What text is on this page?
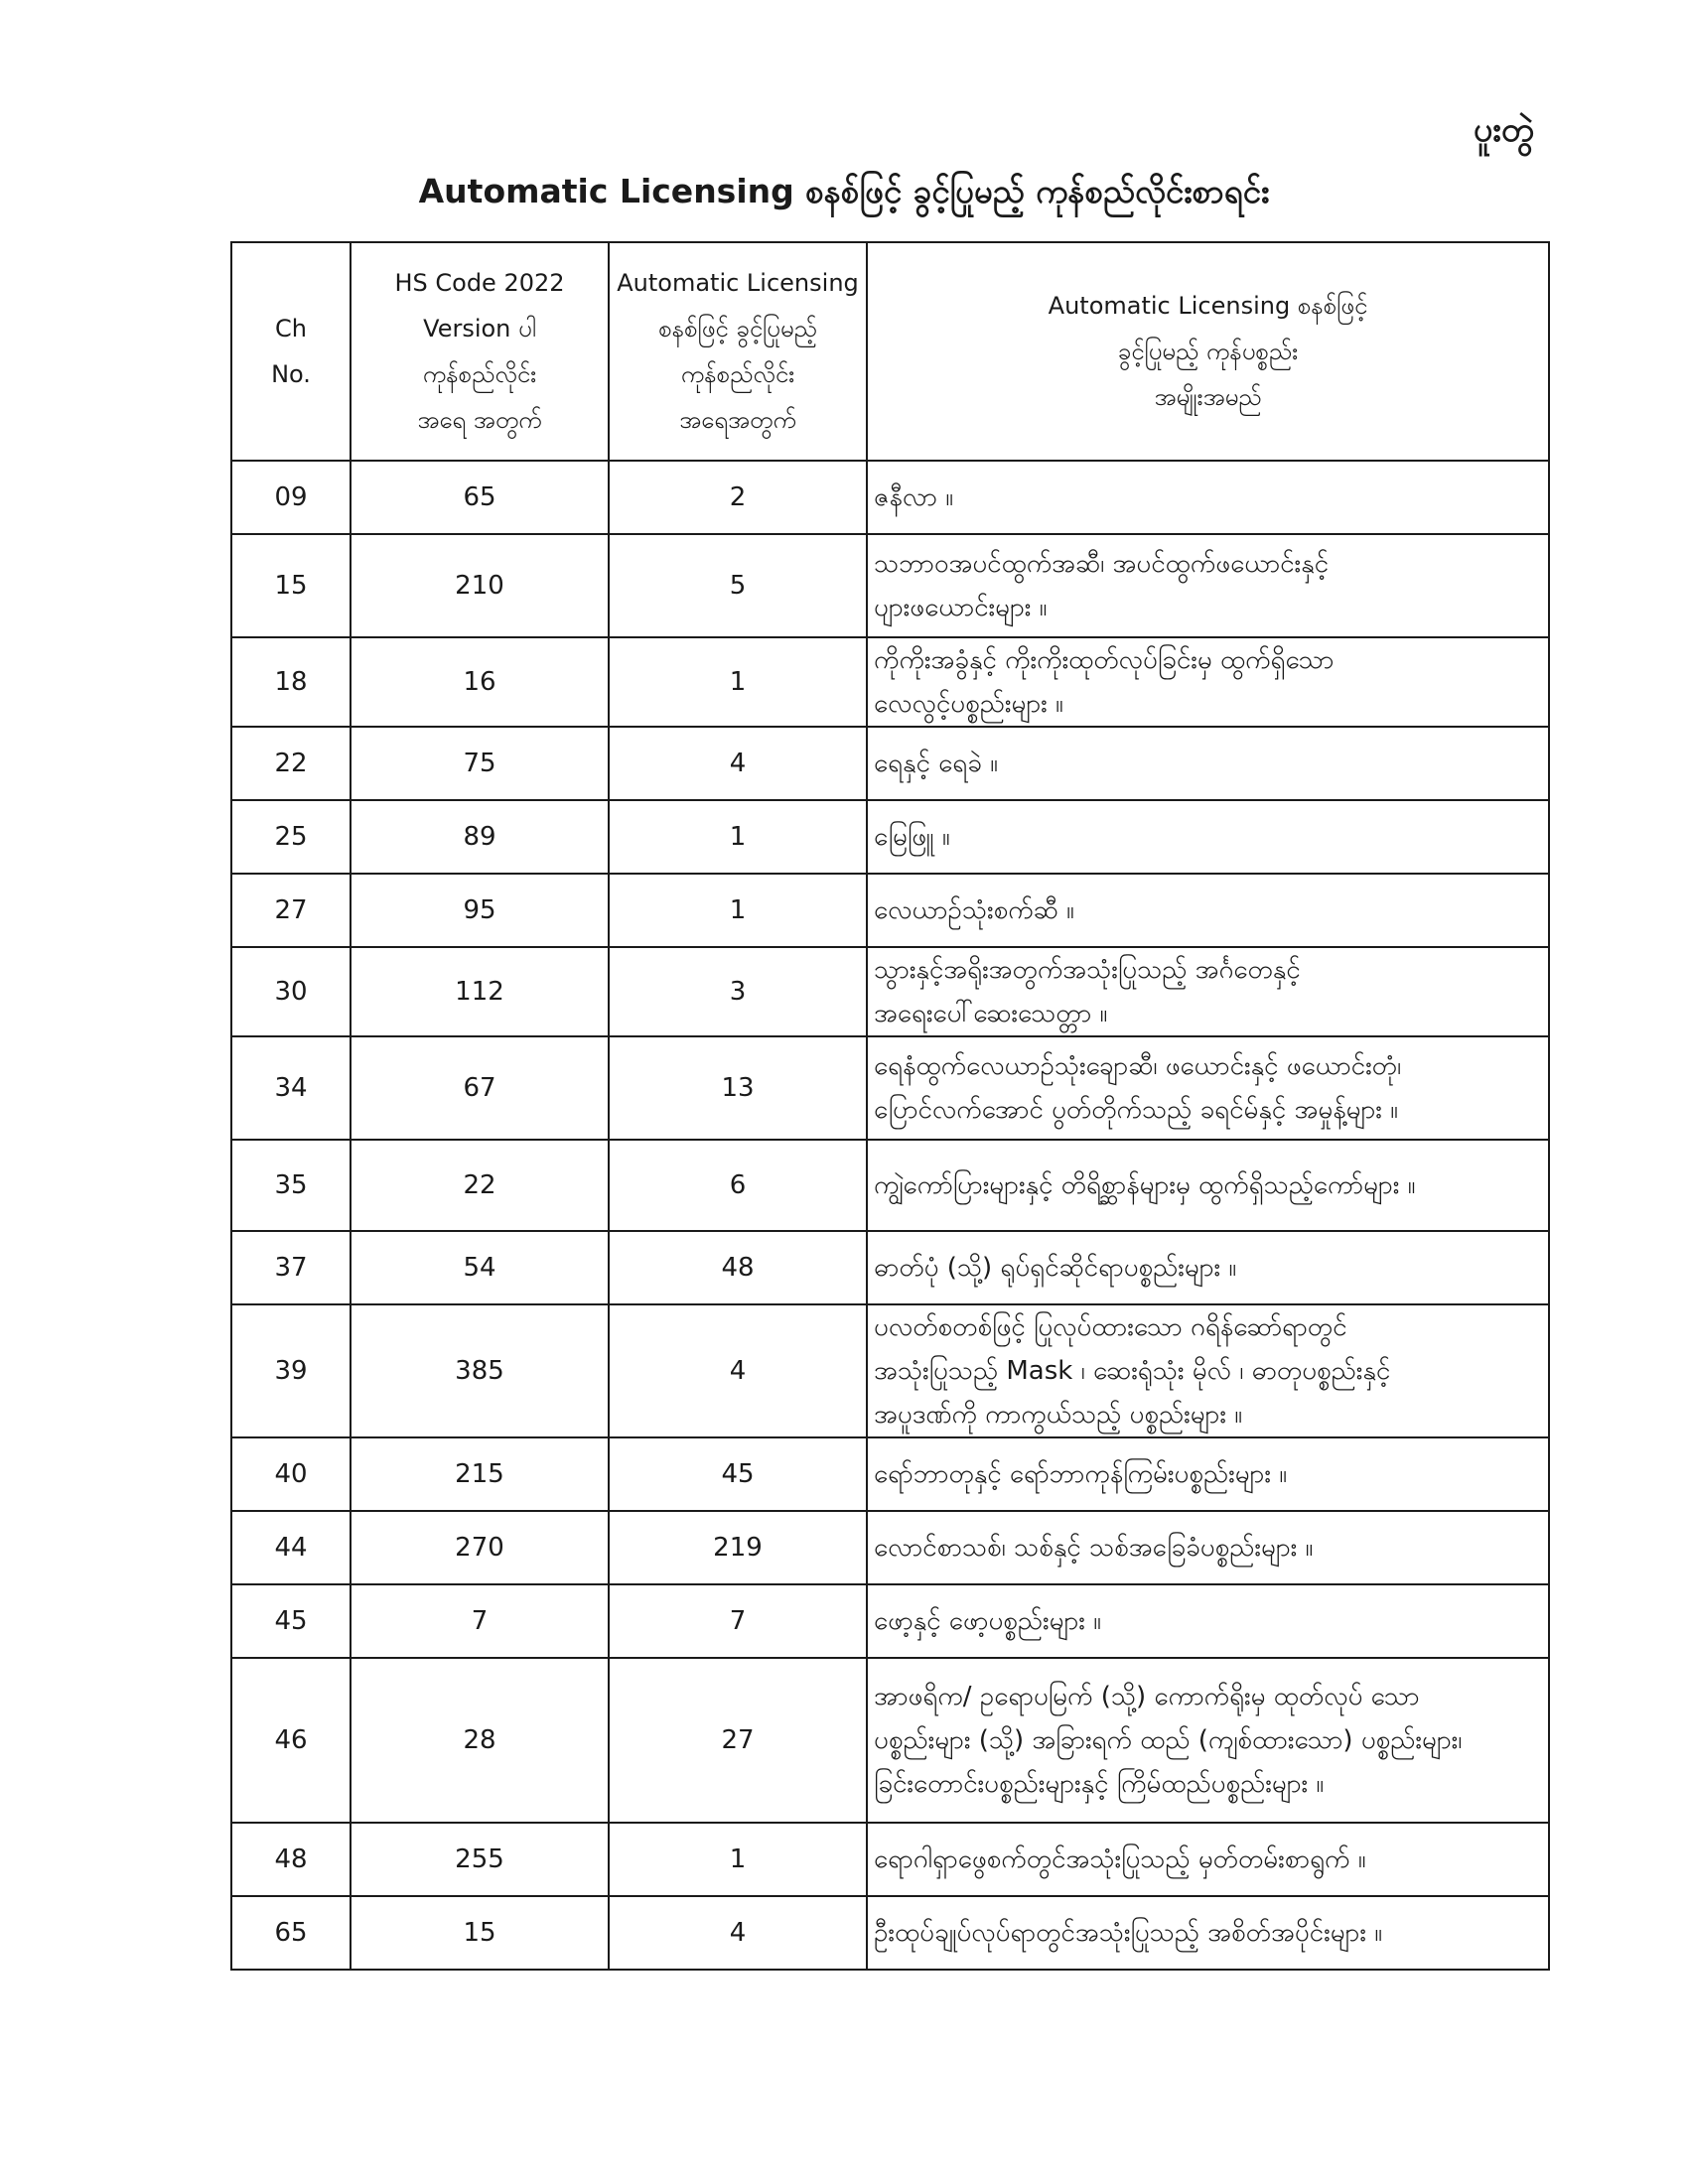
ပူးတွဲ
Automatic Licensing စနစ်ဖြင့် ခွင့်ပြုမည့် ကုန်စည်လိုင်းစာရင်း
Ch
No.	HS Code 2022
Version ပါ
ကုန်စည်လိုင်း
အရေ အတွက်	Automatic Licensing
စနစ်ဖြင့် ခွင့်ပြုမည့်
ကုန်စည်လိုင်း
အရေအတွက်	Automatic Licensing စနစ်ဖြင့်
ခွင့်ပြုမည့် ကုန်ပစ္စည်း
အမျိုးအမည်

09	65	2	ဇနီလာ ။

15	210	5	သဘာဝအပင်ထွက်အဆီ၊ အပင်ထွက်ဖယောင်းနှင့်
ပျားဖယောင်းများ ။

18	16	1	ကိုကိုးအခွံနှင့် ကိုးကိုးထုတ်လုပ်ခြင်းမှ ထွက်ရှိသော
လေလွင့်ပစ္စည်းများ ။

22	75	4	ရေနှင့် ရေခဲ ။

25	89	1	မြေဖြူ ။

27	95	1	လေယာဉ်သုံးစက်ဆီ ။

30	112	3	သွားနှင့်အရိုးအတွက်အသုံးပြုသည့် အင်္ဂတေနှင့်
အရေးပေါ်ဆေးသေတ္တာ ။

34	67	13	ရေနံထွက်လေယာဉ်သုံးချောဆီ၊ ဖယောင်းနှင့် ဖယောင်းတုံ၊
ပြောင်လက်အောင် ပွတ်တိုက်သည့် ခရင်မ်နှင့် အမှုန့်များ ။

35	22	6	ကျွဲကော်ပြားများနှင့် တိရိစ္ဆာန်များမှ ထွက်ရှိသည့်ကော်များ ။

37	54	48	ဓာတ်ပုံ (သို့) ရုပ်ရှင်ဆိုင်ရာပစ္စည်းများ ။

39	385	4	ပလတ်စတစ်ဖြင့် ပြုလုပ်ထားသော ဂရိန်ဆော်ရာတွင်
အသုံးပြုသည့် Mask ၊ ဆေးရုံသုံး မိုလ် ၊ ဓာတုပစ္စည်းနှင့်
အပူဒဏ်ကို ကာကွယ်သည့် ပစ္စည်းများ ။

40	215	45	ရော်ဘာတုနှင့် ရော်ဘာကုန်ကြမ်းပစ္စည်းများ ။

44	270	219	လောင်စာသစ်၊ သစ်နှင့် သစ်အခြေခံပစ္စည်းများ ။

45	7	7	ဖော့နှင့် ဖော့ပစ္စည်းများ ။

46	28	27	အာဖရိက/ ဥရောပမြက် (သို့) ကောက်ရိုးမှ ထုတ်လုပ် သော
ပစ္စည်းများ (သို့) အခြားရက် ထည် (ကျစ်ထားသော) ပစ္စည်းများ၊
ခြင်းတောင်းပစ္စည်းများနှင့် ကြိမ်ထည်ပစ္စည်းများ ။

48	255	1	ရောဂါရှာဖွေစက်တွင်အသုံးပြုသည့် မှတ်တမ်းစာရွက် ။

65	15	4	ဦးထုပ်ချုပ်လုပ်ရာတွင်အသုံးပြုသည့် အစိတ်အပိုင်းများ ။
